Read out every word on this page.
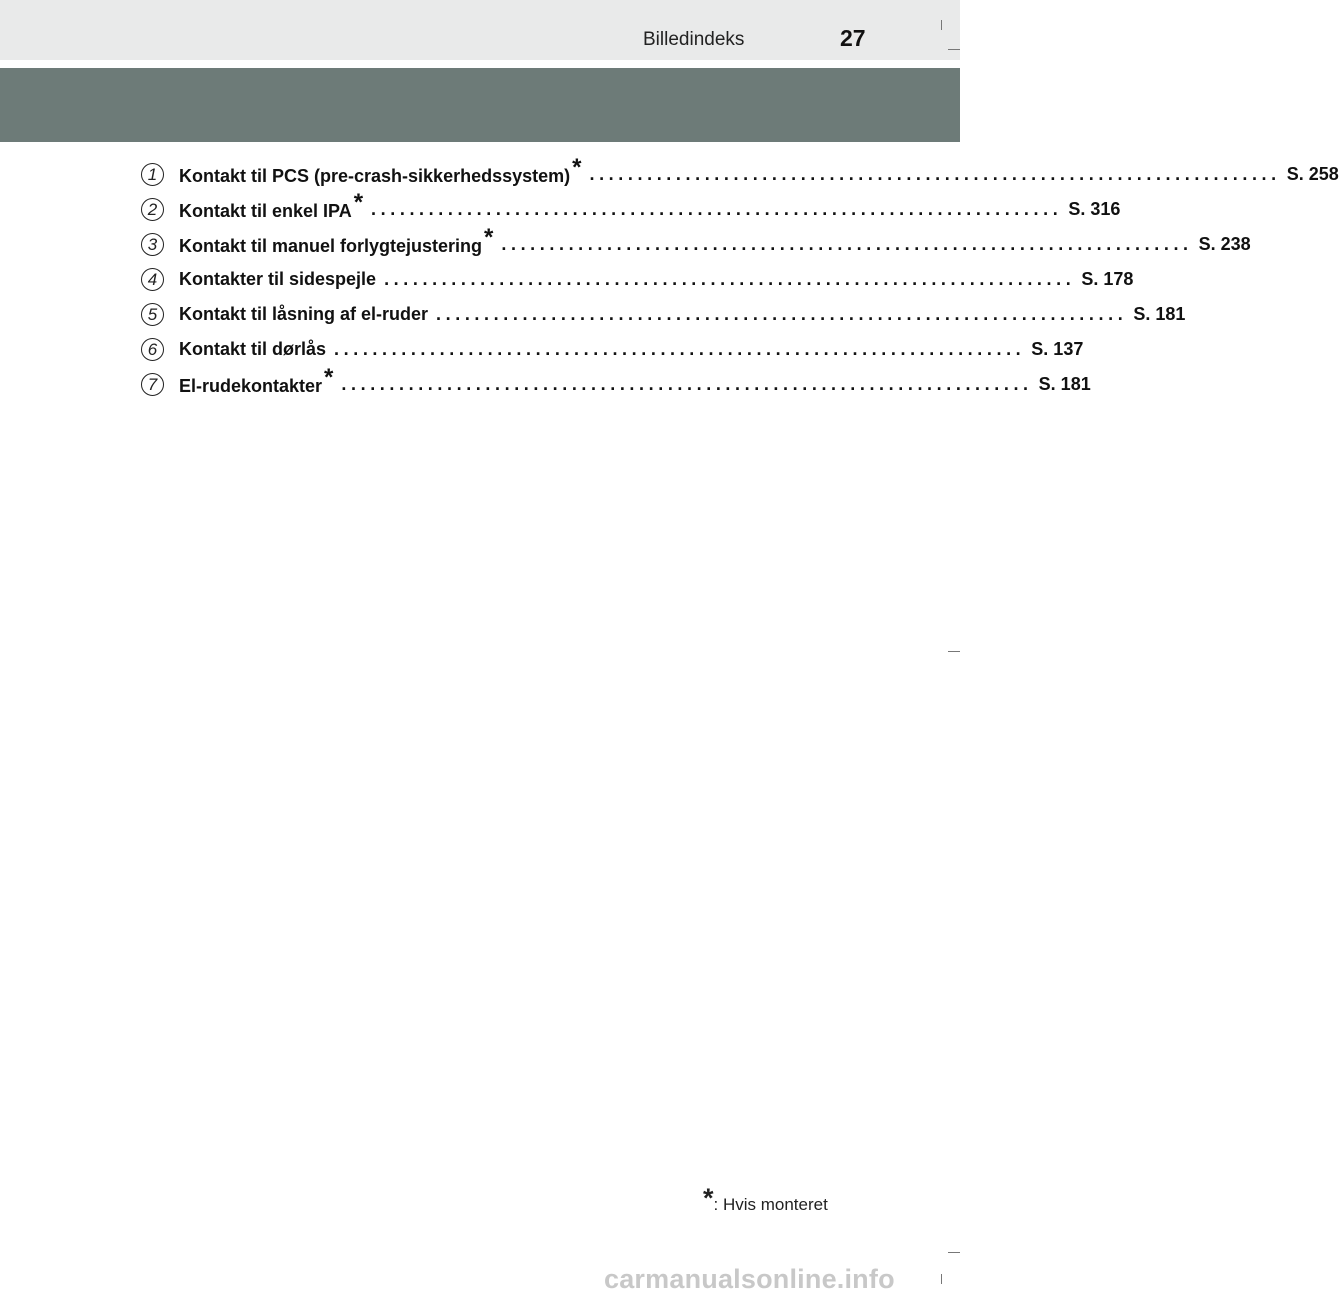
Billedindeks	27
1	Kontakt til PCS (pre-crash-sikkerhedssystem)* ........................................................................ S. 258
2	Kontakt til enkel IPA* ........................................................................ S. 316
3	Kontakt til manuel forlygtejustering* ........................................................................ S. 238
4	Kontakter til sidespejle ........................................................................ S. 178
5	Kontakt til låsning af el-ruder ........................................................................ S. 181
6	Kontakt til dørlås ........................................................................ S. 137
7	El-rudekontakter* ........................................................................ S. 181
*: Hvis monteret
carmanualsonline.info
